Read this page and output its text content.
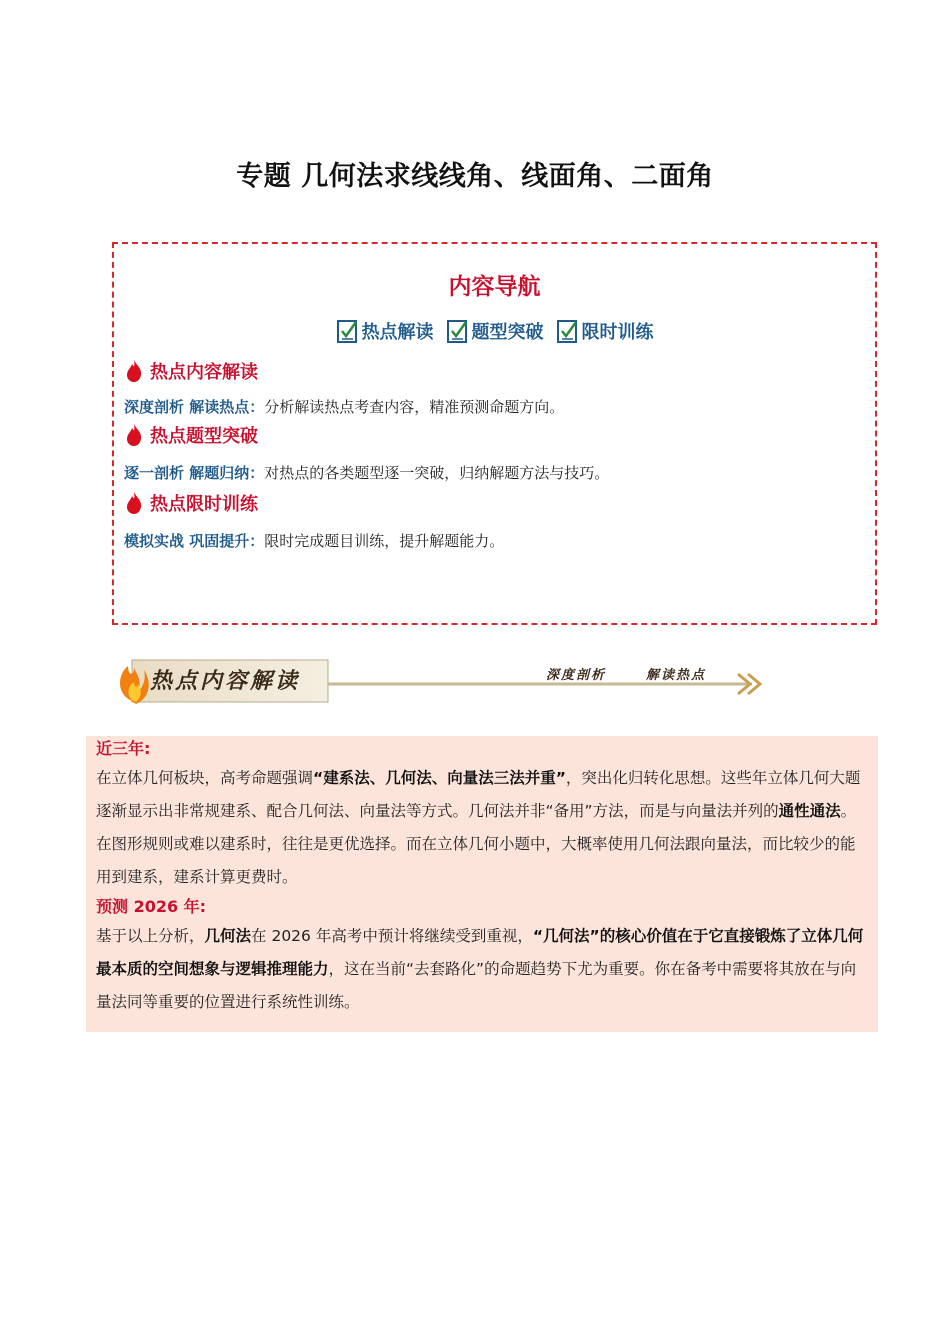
专题 几何法求线线角、线面角、二面角
内容导航
热点解读 题型突破 限时训练
热点内容解读
深度剖析 解读热点：分析解读热点考查内容，精准预测命题方向。
热点题型突破
逐一剖析 解题归纳：对热点的各类题型逐一突破，归纳解题方法与技巧。
热点限时训练
模拟实战 巩固提升：限时完成题目训练，提升解题能力。
热点内容解读	深度剖析	解读热点
近三年:
在立体几何板块，高考命题强调“建系法、几何法、向量法三法并重”，突出化归转化思想。这些年立体几何大题逐渐显示出非常规建系、配合几何法、向量法等方式。几何法并非“备用”方法，而是与向量法并列的通性通法。在图形规则或难以建系时，往往是更优选择。而在立体几何小题中，大概率使用几何法跟向量法，而比较少的能用到建系，建系计算更费时。
预测 2026 年:
基于以上分析，几何法在 2026 年高考中预计将继续受到重视，“几何法”的核心价值在于它直接锻炼了立体几何最本质的空间想象与逻辑推理能力，这在当前“去套路化”的命题趋势下尤为重要。你在备考中需要将其放在与向量法同等重要的位置进行系统性训练。
